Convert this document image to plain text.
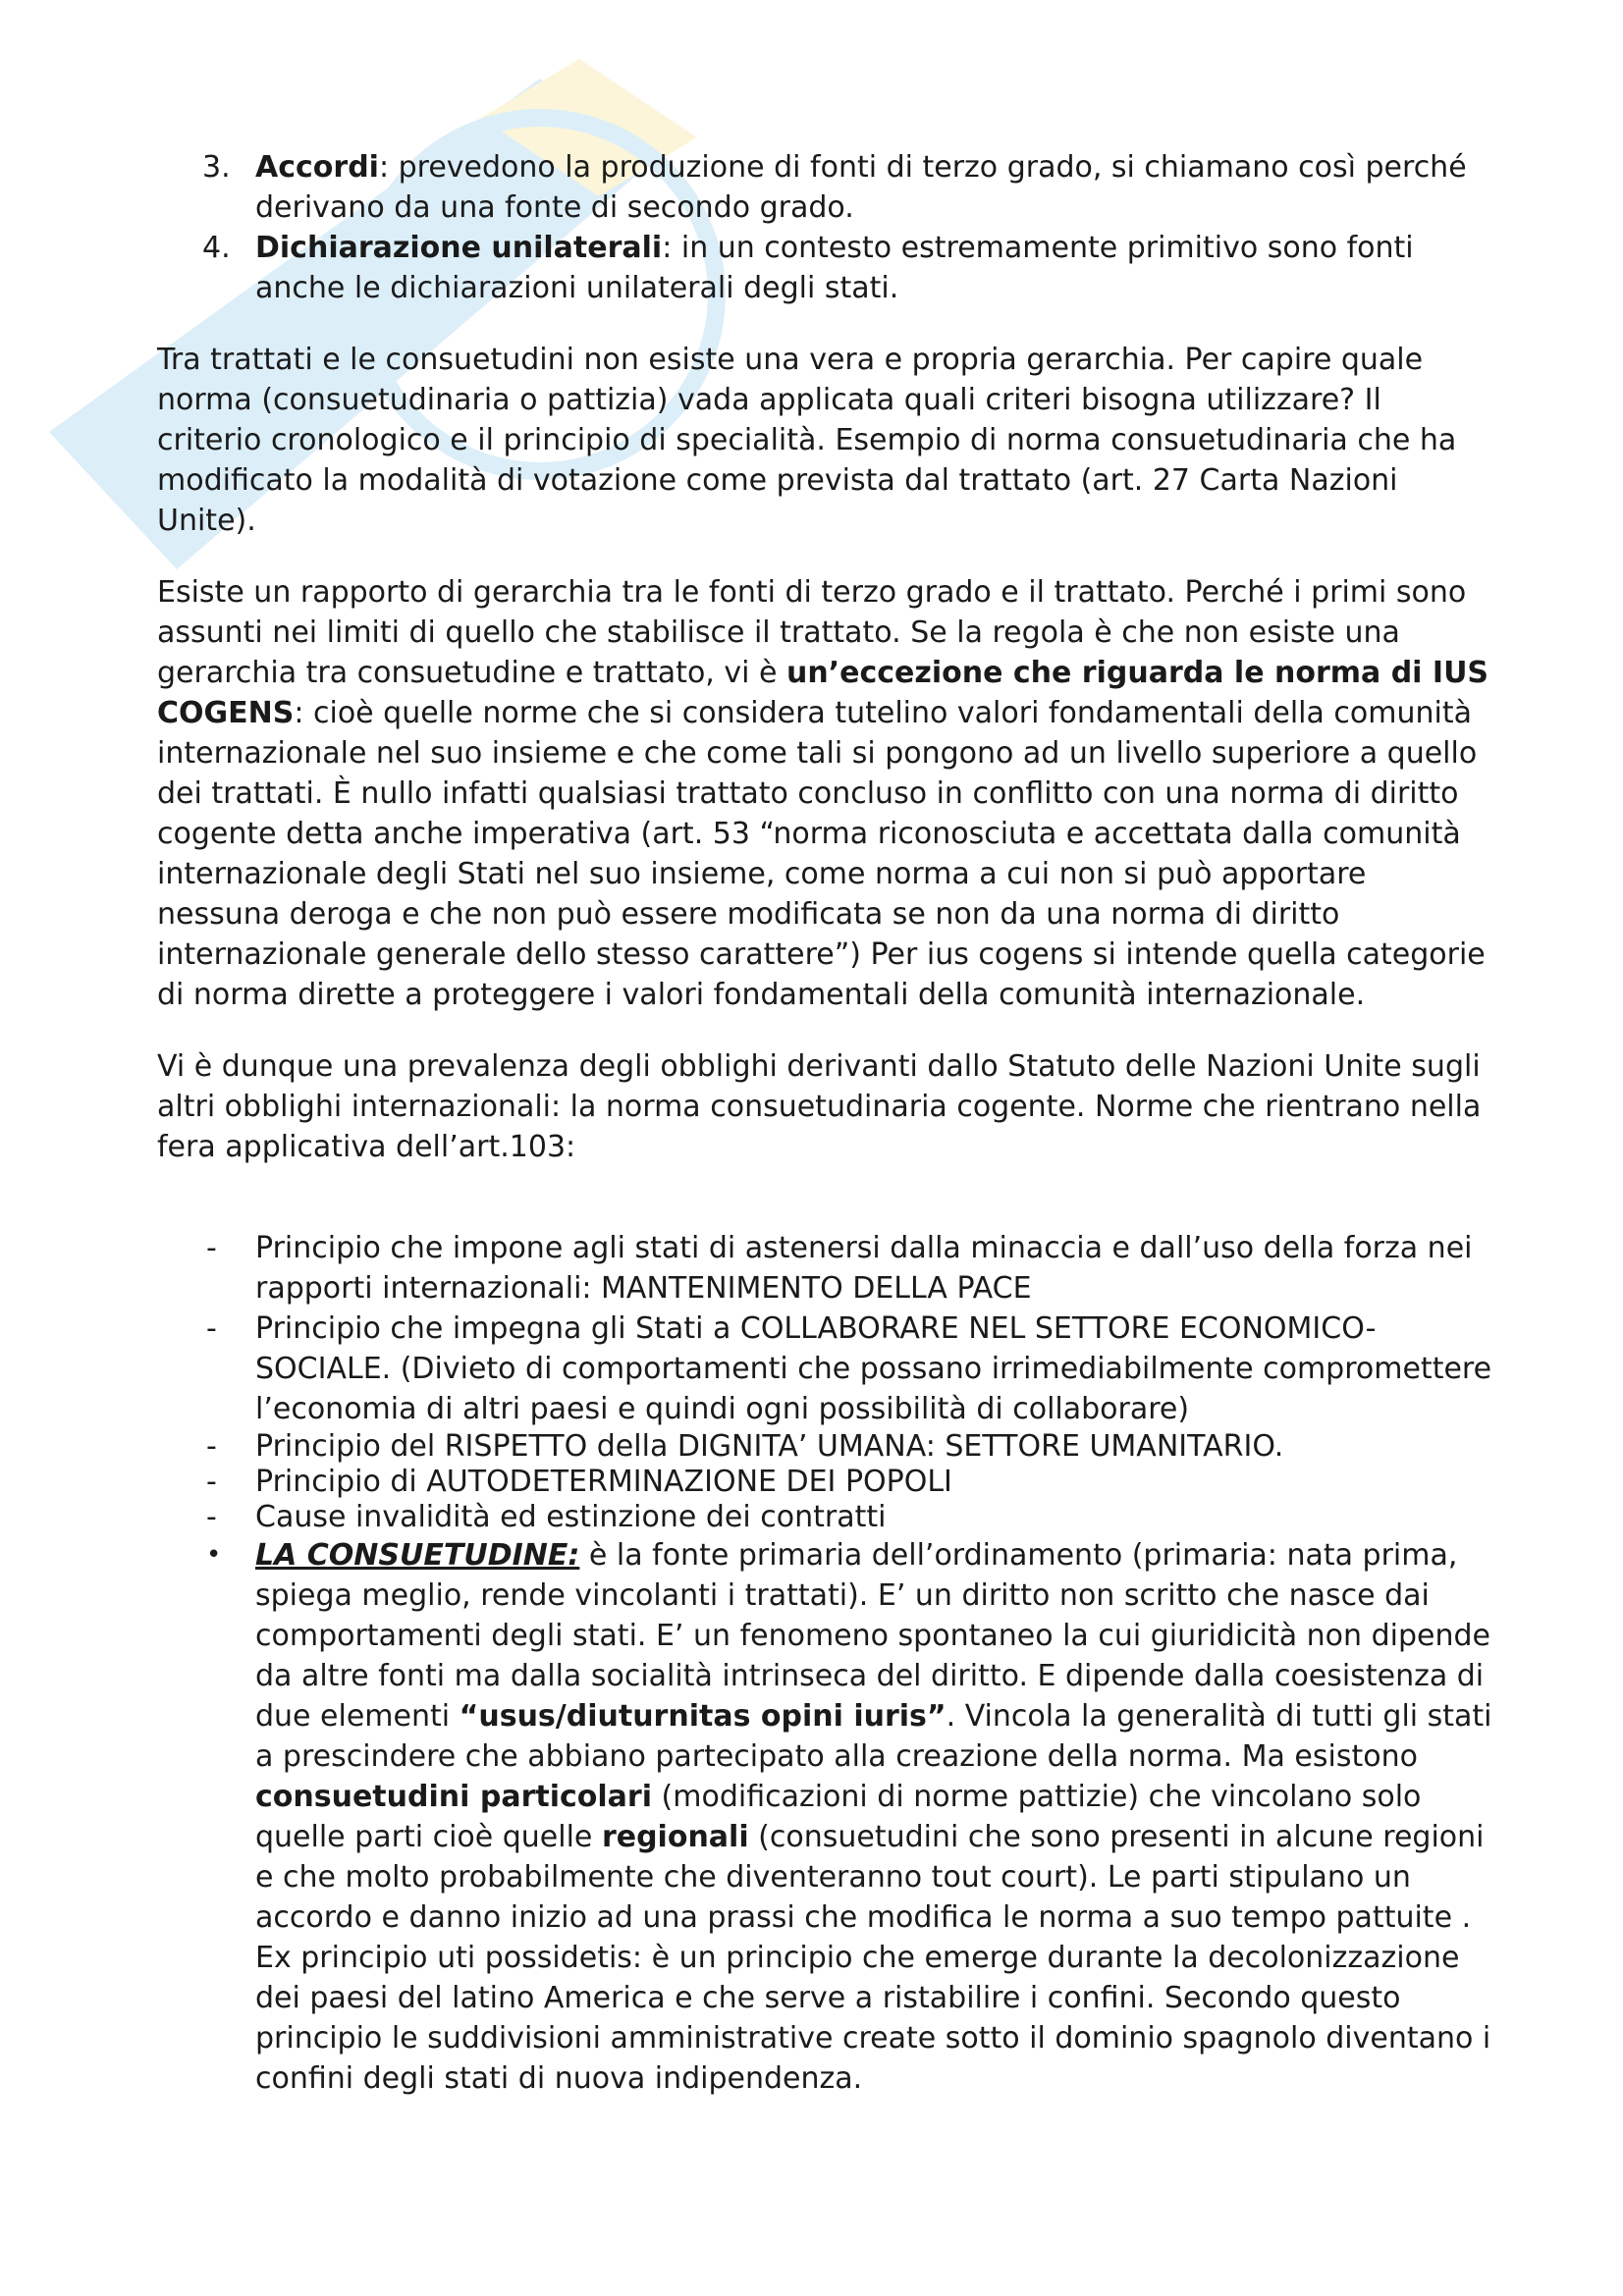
3. Accordi: prevedono la produzione di fonti di terzo grado, si chiamano così perché derivano da una fonte di secondo grado.
4. Dichiarazione unilaterali: in un contesto estremamente primitivo sono fonti anche le dichiarazioni unilaterali degli stati.

Tra trattati e le consuetudini non esiste una vera e propria gerarchia. Per capire quale norma (consuetudinaria o pattizia) vada applicata quali criteri bisogna utilizzare? Il criterio cronologico e il principio di specialità. Esempio di norma consuetudinaria che ha modificato la modalità di votazione come prevista dal trattato (art. 27 Carta Nazioni Unite).

Esiste un rapporto di gerarchia tra le fonti di terzo grado e il trattato. Perché i primi sono assunti nei limiti di quello che stabilisce il trattato. Se la regola è che non esiste una gerarchia tra consuetudine e trattato, vi è un’eccezione che riguarda le norma di IUS COGENS: cioè quelle norme che si considera tutelino valori fondamentali della comunità internazionale nel suo insieme e che come tali si pongono ad un livello superiore a quello dei trattati. È nullo infatti qualsiasi trattato concluso in conflitto con una norma di diritto cogente detta anche imperativa (art. 53 “norma riconosciuta e accettata dalla comunità internazionale degli Stati nel suo insieme, come norma a cui non si può apportare nessuna deroga e che non può essere modificata se non da una norma di diritto internazionale generale dello stesso carattere”) Per ius cogens si intende quella categorie di norma dirette a proteggere i valori fondamentali della comunità internazionale.

Vi è dunque una prevalenza degli obblighi derivanti dallo Statuto delle Nazioni Unite sugli altri obblighi internazionali: la norma consuetudinaria cogente. Norme che rientrano nella fera applicativa dell’art.103:

-	Principio che impone agli stati di astenersi dalla minaccia e dall’uso della forza nei rapporti internazionali: MANTENIMENTO DELLA PACE
-	Principio che impegna gli Stati a COLLABORARE NEL SETTORE ECONOMICO-SOCIALE. (Divieto di comportamenti che possano irrimediabilmente compromettere l’economia di altri paesi e quindi ogni possibilità di collaborare)
-	Principio del RISPETTO della DIGNITA’ UMANA: SETTORE UMANITARIO.
-	Principio di AUTODETERMINAZIONE DEI POPOLI
-	Cause invalidità ed estinzione dei contratti
•	LA CONSUETUDINE: è la fonte primaria dell’ordinamento (primaria: nata prima, spiega meglio, rende vincolanti i trattati). E’ un diritto non scritto che nasce dai comportamenti degli stati. E’ un fenomeno spontaneo la cui giuridicità non dipende da altre fonti ma dalla socialità intrinseca del diritto. E dipende dalla coesistenza di due elementi “usus/diuturnitas opini iuris”. Vincola la generalità di tutti gli stati a prescindere che abbiano partecipato alla creazione della norma. Ma esistono consuetudini particolari (modificazioni di norme pattizie) che vincolano solo quelle parti cioè quelle regionali (consuetudini che sono presenti in alcune regioni e che molto probabilmente che diventeranno tout court). Le parti stipulano un accordo e danno inizio ad una prassi che modifica le norma a suo tempo pattuite . Ex principio uti possidetis: è un principio che emerge durante la decolonizzazione dei paesi del latino America e che serve a ristabilire i confini. Secondo questo principio le suddivisioni amministrative create sotto il dominio spagnolo diventano i confini degli stati di nuova indipendenza.
